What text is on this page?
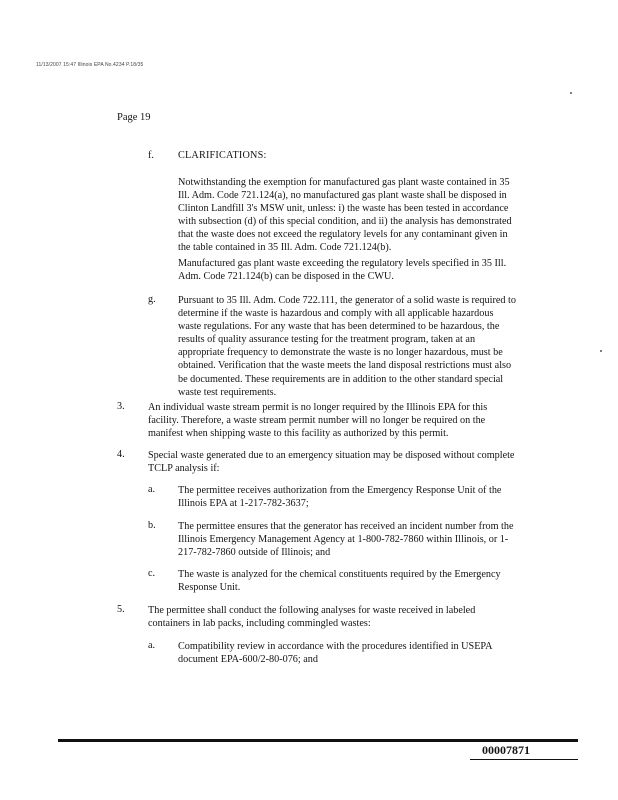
11/13/2007 15:47 Illinois EPA No.4234 P.18/35
Page 19
f. CLARIFICATIONS:
Notwithstanding the exemption for manufactured gas plant waste contained in 35 Ill. Adm. Code 721.124(a), no manufactured gas plant waste shall be disposed in Clinton Landfill 3's MSW unit, unless: i) the waste has been tested in accordance with subsection (d) of this special condition, and ii) the analysis has demonstrated that the waste does not exceed the regulatory levels for any contaminant given in the table contained in 35 Ill. Adm. Code 721.124(b).
Manufactured gas plant waste exceeding the regulatory levels specified in 35 Ill. Adm. Code 721.124(b) can be disposed in the CWU.
g. Pursuant to 35 Ill. Adm. Code 722.111, the generator of a solid waste is required to determine if the waste is hazardous and comply with all applicable hazardous waste regulations. For any waste that has been determined to be hazardous, the results of quality assurance testing for the treatment program, taken at an appropriate frequency to demonstrate the waste is no longer hazardous, must be obtained. Verification that the waste meets the land disposal restrictions must also be documented. These requirements are in addition to the other standard special waste test requirements.
3. An individual waste stream permit is no longer required by the Illinois EPA for this facility. Therefore, a waste stream permit number will no longer be required on the manifest when shipping waste to this facility as authorized by this permit.
4. Special waste generated due to an emergency situation may be disposed without complete TCLP analysis if:
a. The permittee receives authorization from the Emergency Response Unit of the Illinois EPA at 1-217-782-3637;
b. The permittee ensures that the generator has received an incident number from the Illinois Emergency Management Agency at 1-800-782-7860 within Illinois, or 1-217-782-7860 outside of Illinois; and
c. The waste is analyzed for the chemical constituents required by the Emergency Response Unit.
5. The permittee shall conduct the following analyses for waste received in labeled containers in lab packs, including commingled wastes:
a. Compatibility review in accordance with the procedures identified in USEPA document EPA-600/2-80-076; and
00007871
